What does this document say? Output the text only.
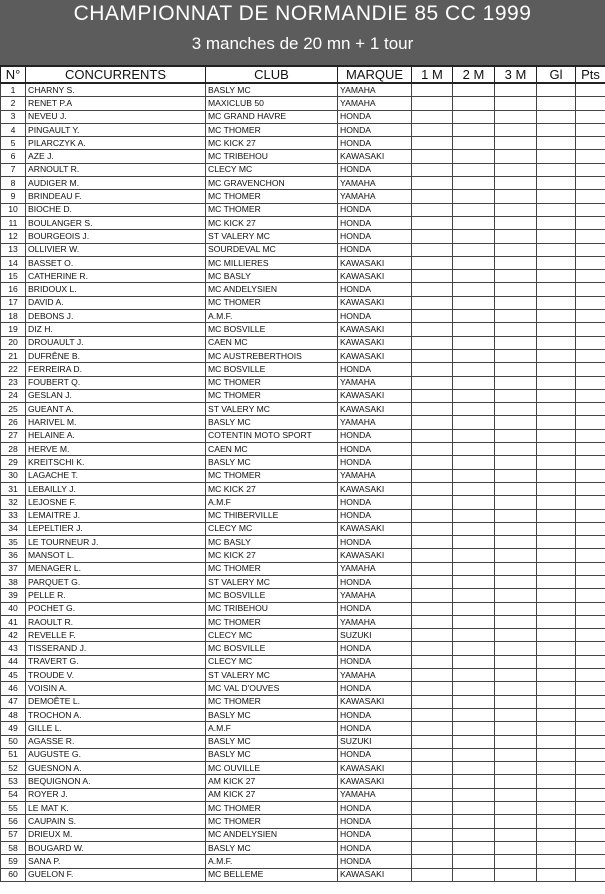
CHAMPIONNAT DE NORMANDIE 85 CC 1999
3 manches de 20 mn + 1 tour
N°	CONCURRENTS	CLUB	MARQUE	1 M	2 M	3 M	Gl	Pts
1	CHARNY S.	BASLY MC	YAMAHA					
2	RENET P.A	MAXICLUB 50	YAMAHA					
3	NEVEU J.	MC GRAND HAVRE	HONDA					
4	PINGAULT Y.	MC THOMER	HONDA					
5	PILARCZYK A.	MC KICK 27	HONDA					
6	AZE J.	MC TRIBEHOU	KAWASAKI					
7	ARNOULT R.	CLECY MC	HONDA					
8	AUDIGER M.	MC GRAVENCHON	YAMAHA					
9	BRINDEAU F.	MC THOMER	YAMAHA					
10	BIOCHE D.	MC THOMER	HONDA					
11	BOULANGER S.	MC KICK 27	HONDA					
12	BOURGEOIS J.	ST VALERY MC	HONDA					
13	OLLIVIER W.	SOURDEVAL MC	HONDA					
14	BASSET O.	MC MILLIERES	KAWASAKI					
15	CATHERINE R.	MC BASLY	KAWASAKI					
16	BRIDOUX L.	MC ANDELYSIEN	HONDA					
17	DAVID A.	MC THOMER	KAWASAKI					
18	DEBONS J.	A.M.F.	HONDA					
19	DIZ H.	MC BOSVILLE	KAWASAKI					
20	DROUAULT J.	CAEN MC	KAWASAKI					
21	DUFRÊNE B.	MC AUSTREBERTHOIS	KAWASAKI					
22	FERREIRA D.	MC BOSVILLE	HONDA					
23	FOUBERT Q.	MC THOMER	YAMAHA					
24	GESLAN J.	MC THOMER	KAWASAKI					
25	GUEANT A.	ST VALERY MC	KAWASAKI					
26	HARIVEL M.	BASLY MC	YAMAHA					
27	HELAINE A.	COTENTIN MOTO SPORT	HONDA					
28	HERVE M.	CAEN MC	HONDA					
29	KREITSCHI K.	BASLY MC	HONDA					
30	LAGACHE T.	MC THOMER	YAMAHA					
31	LEBAILLY J.	MC KICK 27	KAWASAKI					
32	LEJOSNE F.	A.M.F	HONDA					
33	LEMAITRE J.	MC THIBERVILLE	HONDA					
34	LEPELTIER J.	CLECY MC	KAWASAKI					
35	LE TOURNEUR J.	MC BASLY	HONDA					
36	MANSOT L.	MC KICK 27	KAWASAKI					
37	MENAGER L.	MC THOMER	YAMAHA					
38	PARQUET G.	ST VALERY MC	HONDA					
39	PELLE R.	MC BOSVILLE	YAMAHA					
40	POCHET G.	MC TRIBEHOU	HONDA					
41	RAOULT R.	MC THOMER	YAMAHA					
42	REVELLE F.	CLECY MC	SUZUKI					
43	TISSERAND J.	MC BOSVILLE	HONDA					
44	TRAVERT G.	CLECY MC	HONDA					
45	TROUDE V.	ST VALERY MC	YAMAHA					
46	VOISIN A.	MC VAL D'OUVES	HONDA					
47	DEMOÊTE L.	MC THOMER	KAWASAKI					
48	TROCHON A.	BASLY MC	HONDA					
49	GILLE L.	A.M.F	HONDA					
50	AGASSE R.	BASLY MC	SUZUKI					
51	AUGUSTE G.	BASLY MC	HONDA					
52	GUESNON A.	MC OUVILLE	KAWASAKI					
53	BEQUIGNON A.	AM KICK 27	KAWASAKI					
54	ROYER J.	AM KICK 27	YAMAHA					
55	LE MAT K.	MC THOMER	HONDA					
56	CAUPAIN S.	MC THOMER	HONDA					
57	DRIEUX M.	MC ANDELYSIEN	HONDA					
58	BOUGARD W.	BASLY MC	HONDA					
59	SANA P.	A.M.F.	HONDA					
60	GUELON F.	MC BELLEME	KAWASAKI					
